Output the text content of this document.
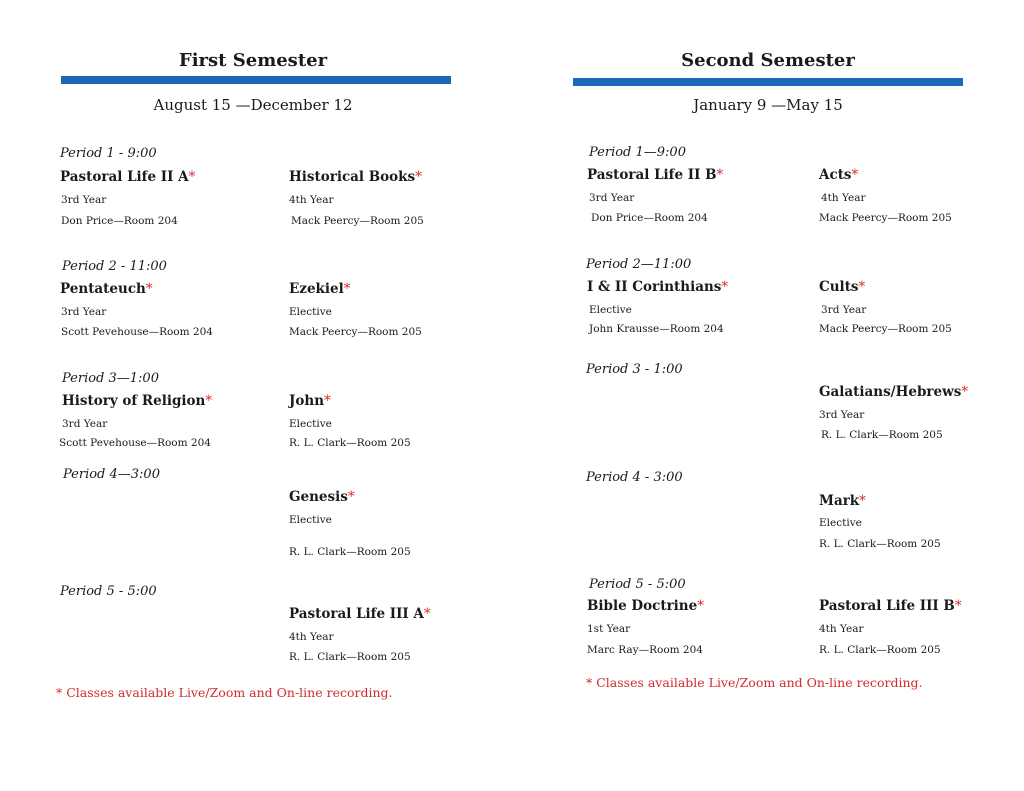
First Semester
August 15 —December 12
Period 1 - 9:00
Period 2 - 11:00
Period 3—1:00
Period 4—3:00
Period 5 - 5:00
Pastoral Life II A*
3rd Year
Don Price—Room 204
Historical Books*
4th Year
Mack Peercy—Room 205
Pentateuch*
3rd Year
Scott Pevehouse—Room 204
Ezekiel*
Elective
Mack Peercy—Room 205
History of Religion*
3rd Year
Scott Pevehouse—Room 204
John*
Elective
R. L. Clark—Room 205
Genesis*
Elective
R. L. Clark—Room 205
Pastoral Life III A*
4th Year
R. L. Clark—Room 205
* Classes available Live/Zoom and On-line recording.
Second Semester
January 9 —May 15
Period 1—9:00
Period 2—11:00
Period 3 - 1:00
Period 4 - 3:00
Period 5 - 5:00
Pastoral Life II B*
3rd Year
Don Price—Room 204
Acts*
4th Year
Mack Peercy—Room 205
I & II Corinthians*
Elective
John Krausse—Room 204
Cults*
3rd Year
Mack Peercy—Room 205
Galatians/Hebrews*
3rd Year
R. L. Clark—Room 205
Mark*
Elective
R. L. Clark—Room 205
Bible Doctrine*
1st Year
Marc Ray—Room 204
Pastoral Life III B*
4th Year
R. L. Clark—Room 205
* Classes available Live/Zoom and On-line recording.
